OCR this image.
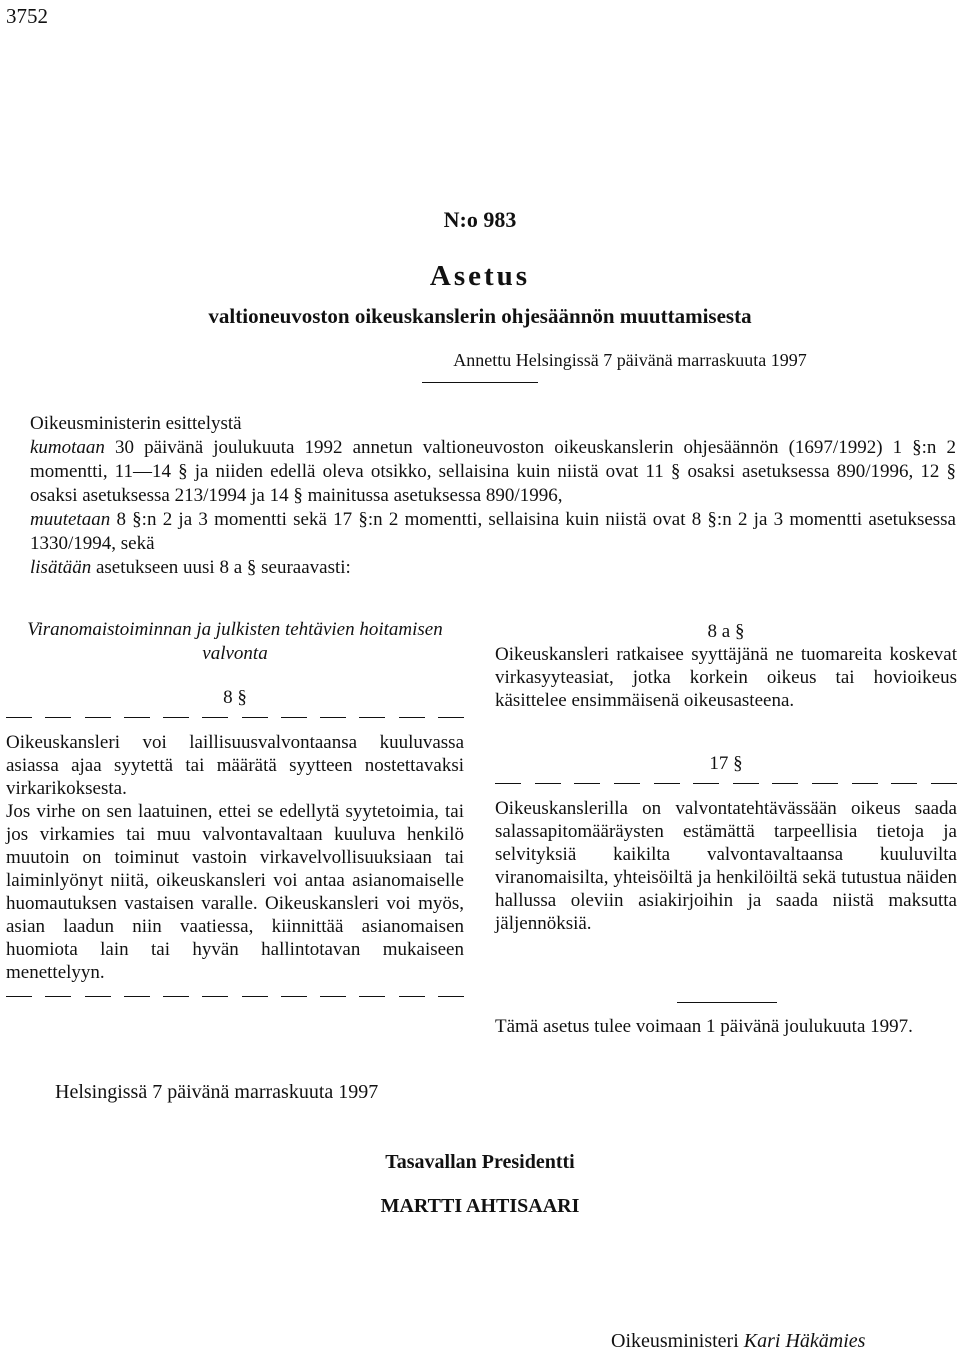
3752
N:o 983
Asetus
valtioneuvoston oikeuskanslerin ohjesäännön muuttamisesta
Annettu Helsingissä 7 päivänä marraskuuta 1997

Oikeusministerin esittelystä

kumotaan 30 päivänä joulukuuta 1992 annetun valtioneuvoston oikeuskanslerin ohjesäännön (1697/1992) 1 §:n 2 momentti, 11—14 § ja niiden edellä oleva otsikko, sellaisina kuin niistä ovat 11 § osaksi asetuksessa 890/1996, 12 § osaksi asetuksessa 213/1994 ja 14 § mainitussa asetuksessa 890/1996,

muutetaan 8 §:n 2 ja 3 momentti sekä 17 §:n 2 momentti, sellaisina kuin niistä ovat 8 §:n 2 ja 3 momentti asetuksessa 1330/1994, sekä

lisätään asetukseen uusi 8 a § seuraavasti:

Viranomaistoiminnan ja julkisten tehtävien hoitamisen valvonta
8 §

Oikeuskansleri voi laillisuusvalvontaansa kuuluvassa asiassa ajaa syytettä tai määrätä syytteen nostettavaksi virkarikoksesta.

Jos virhe on sen laatuinen, ettei se edellytä syytetoimia, tai jos virkamies tai muu valvontavaltaan kuuluva henkilö muutoin on toiminut vastoin virkavelvollisuuksiaan tai laiminlyönyt niitä, oikeuskansleri voi antaa asianomaiselle huomautuksen vastaisen varalle. Oikeuskansleri voi myös, asian laadun niin vaatiessa, kiinnittää asianomaisen huomiota lain tai hyvän hallintotavan mukaiseen menettelyyn.

8 a §

Oikeuskansleri ratkaisee syyttäjänä ne tuomareita koskevat virkasyyteasiat, jotka korkein oikeus tai hovioikeus käsittelee ensimmäisenä oikeusasteena.

17 §

Oikeuskanslerilla on valvontatehtävässään oikeus saada salassapitomääräysten estämättä tarpeellisia tietoja ja selvityksiä kaikilta valvontavaltaansa kuuluvilta viranomaisilta, yhteisöiltä ja henkilöiltä sekä tutustua näiden hallussa oleviin asiakirjoihin ja saada niistä maksutta jäljennöksiä.

Tämä asetus tulee voimaan 1 päivänä joulukuuta 1997.

Helsingissä 7 päivänä marraskuuta 1997
Tasavallan Presidentti
MARTTI AHTISAARI
Oikeusministeri Kari Häkämies
